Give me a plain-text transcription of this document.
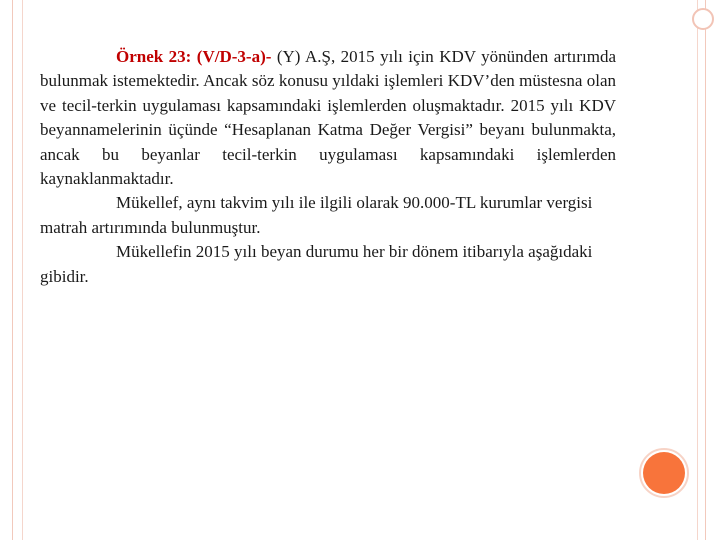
Örnek 23: (V/D-3-a)- (Y) A.Ş, 2015 yılı için KDV yönünden artırımda bulunmak istemektedir. Ancak söz konusu yıldaki işlemleri KDV’den müstesna olan ve tecil-terkin uygulaması kapsamındaki işlemlerden oluşmaktadır. 2015 yılı KDV beyannamelerinin üçünde “Hesaplanan Katma Değer Vergisi” beyanı bulunmakta, ancak bu beyanlar tecil-terkin uygulaması kapsamındaki işlemlerden kaynaklanmaktadır.

Mükellef, aynı takvim yılı ile ilgili olarak 90.000-TL kurumlar vergisi matrah artırımında bulunmuştur.

Mükellefin 2015 yılı beyan durumu her bir dönem itibarıyla aşağıdaki gibidir.
